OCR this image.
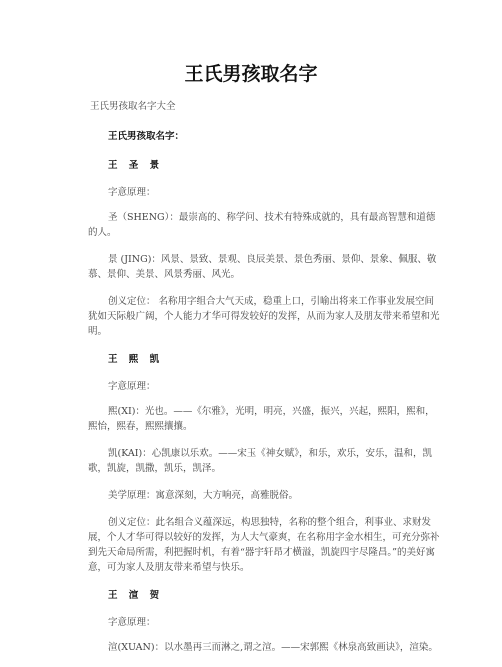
王氏男孩取名字

王氏男孩取名字大全

王氏男孩取名字：

王 圣 景

字意原理：

圣（SHENG）：最崇高的、称学问、技术有特殊成就的，具有最高智慧和道德的人。

景 (JING)：风景、景致、景观、良辰美景、景色秀丽、景仰、景象、佩服、敬慕、景仰、美景、风景秀丽、风光。

创义定位： 名称用字组合大气天成，稳重上口，引喻出将来工作事业发展空间犹如天际般广阔，个人能力才华可得发较好的发挥，从而为家人及朋友带来希望和光明。

王 熙 凯

字意原理：

熙(XI)：光也。——《尔雅》，光明，明亮，兴盛，振兴，兴起，熙阳，熙和，熙怡，熙春，熙熙攘攘。

凯(KAI)：心凯康以乐欢。——宋玉《神女赋》，和乐，欢乐，安乐，温和，凯歌，凯旋，凯撒，凯乐，凯泽。

美学原理：寓意深刻，大方响亮，高雅脱俗。

创义定位：此名组合义蕴深远，构思独特，名称的整个组合，利事业、求财发展，个人才华可得以较好的发挥，为人大气豪爽，在名称用字金水相生，可充分弥补到先天命局所需，利把握时机，有着“器宇轩昂才横溢，凯旋四宇尽隆昌。”的美好寓意，可为家人及朋友带来希望与快乐。

王 渲 贺

字意原理：

渲(XUAN)：以水墨再三而淋之,谓之渲。——宋郭熙《林泉高致画诀》，渲染。
